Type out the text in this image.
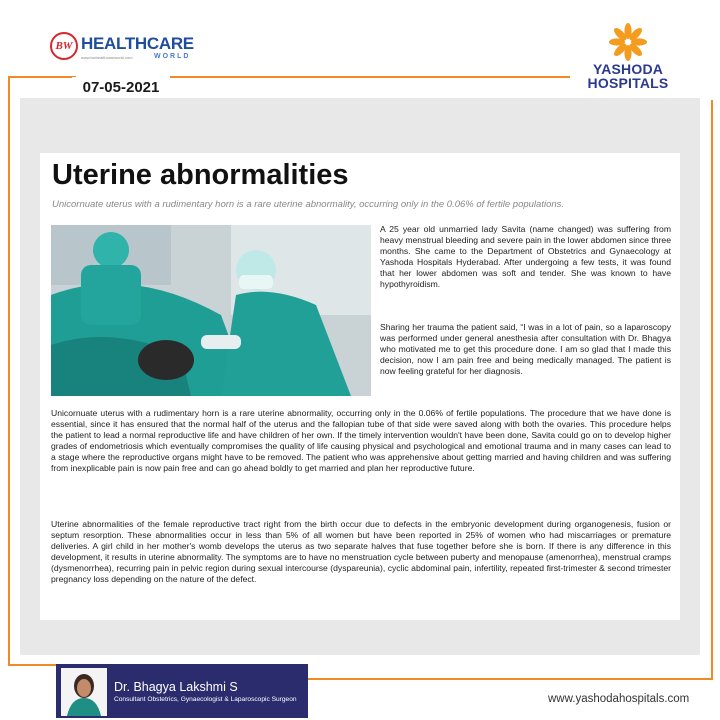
BW HEALTHCARE
WORLD
www.bwhealthcareworld.com
07-05-2021
YASHODA
HOSPITALS
Uterine abnormalities
Unicornuate uterus with a rudimentary horn is a rare uterine abnormality, occurring only in the 0.06% of fertile populations.

A 25 year old unmarried lady Savita (name changed) was suffering from heavy menstrual bleeding and severe pain in the lower abdomen since three months. She came to the Department of Obstetrics and Gynaecology at Yashoda Hospitals Hyderabad. After undergoing a few tests, it was found that her lower abdomen was soft and tender. She was known to have hypothyroidism.

Sharing her trauma the patient said, “I was in a lot of pain, so a laparoscopy was performed under general anesthesia after consultation with Dr. Bhagya who motivated me to get this procedure done. I am so glad that I made this decision, now I am pain free and being medically managed. The patient is now feeling grateful for her diagnosis.

Unicornuate uterus with a rudimentary horn is a rare uterine abnormality, occurring only in the 0.06% of fertile populations. The procedure that we have done is essential, since it has ensured that the normal half of the uterus and the fallopian tube of that side were saved along with both the ovaries. This procedure helps the patient to lead a normal reproductive life and have children of her own. If the timely intervention wouldn't have been done, Savita could go on to develop higher grades of endometriosis which eventually compromises the quality of life causing physical and psychological and emotional trauma and in many cases can lead to a stage where the reproductive organs might have to be removed. The patient who was apprehensive about getting married and having children and was suffering from inexplicable pain is now pain free and can go ahead boldly to get married and plan her reproductive future.

Uterine abnormalities of the female reproductive tract right from the birth occur due to defects in the embryonic development during organogenesis, fusion or septum resorption. These abnormalities occur in less than 5% of all women but have been reported in 25% of women who had miscarriages or premature deliveries. A girl child in her mother's womb develops the uterus as two separate halves that fuse together before she is born. If there is any difference in this development, it results in uterine abnormality. The symptoms are to have no menstruation cycle between puberty and menopause (amenorrhea), menstrual cramps (dysmenorrhea), recurring pain in pelvic region during sexual intercourse (dyspareunia), cyclic abdominal pain, infertility, repeated first-trimester & second trimester pregnancy loss depending on the nature of the defect.

Dr. Bhagya Lakshmi S
Consultant Obstetrics, Gynaecologist & Laparoscopic Surgeon	www.yashodahospitals.com
